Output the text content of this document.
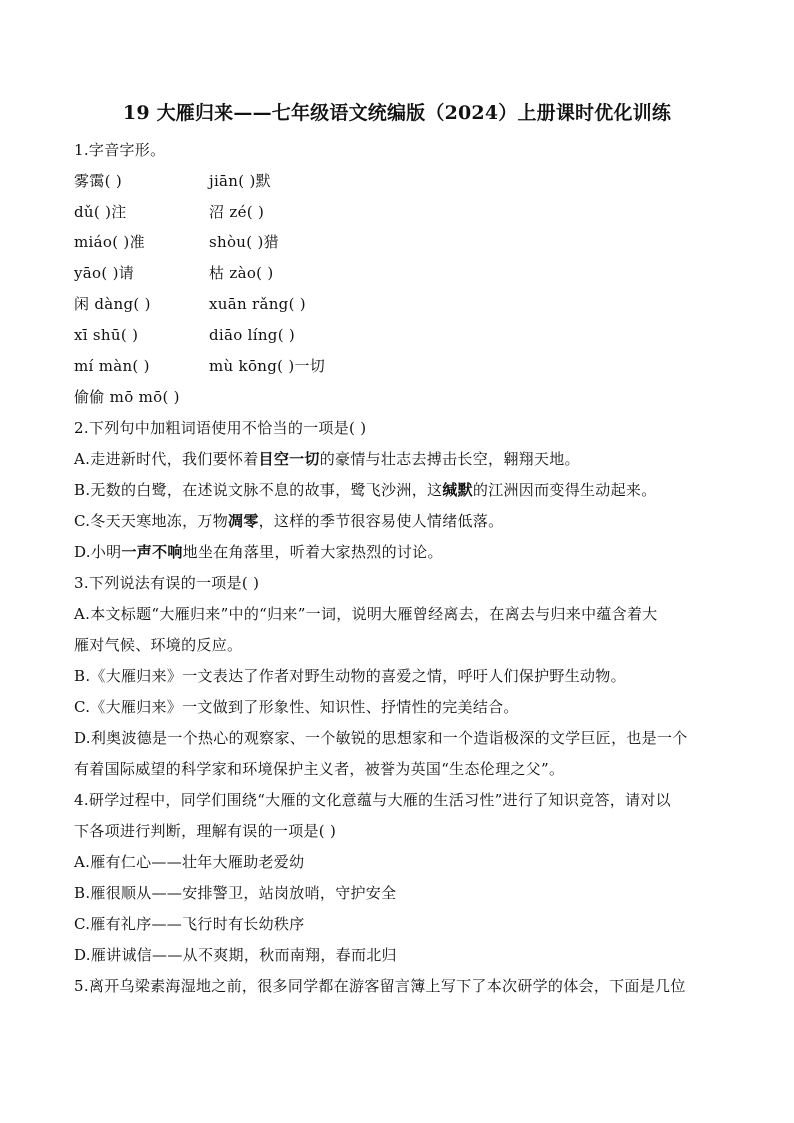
19 大雁归来——七年级语文统编版（2024）上册课时优化训练
1.字音字形。
雾霭( )	jiān( )默
dǔ( )注	沼 zé( )
miáo( )准	shòu( )猎
yāo( )请	枯 zào( )
闲 dàng( )	xuān rǎng( )
xī shū( )	diāo líng( )
mí màn( )	mù kōng( )一切
偷偷 mō mō( )
2.下列句中加粗词语使用不恰当的一项是( )
A.走进新时代，我们要怀着目空一切的豪情与壮志去搏击长空，翱翔天地。
B.无数的白鹭，在述说文脉不息的故事，鹭飞沙洲，这缄默的江洲因而变得生动起来。
C.冬天天寒地冻，万物凋零，这样的季节很容易使人情绪低落。
D.小明一声不响地坐在角落里，听着大家热烈的讨论。
3.下列说法有误的一项是( )
A.本文标题“大雁归来”中的“归来”一词，说明大雁曾经离去，在离去与归来中蕴含着大
雁对气候、环境的反应。
B.《大雁归来》一文表达了作者对野生动物的喜爱之情，呼吁人们保护野生动物。
C.《大雁归来》一文做到了形象性、知识性、抒情性的完美结合。
D.利奥波德是一个热心的观察家、一个敏锐的思想家和一个造诣极深的文学巨匠，也是一个
有着国际威望的科学家和环境保护主义者，被誉为英国“生态伦理之父”。
4.研学过程中，同学们围绕“大雁的文化意蕴与大雁的生活习性”进行了知识竞答，请对以
下各项进行判断，理解有误的一项是( )
A.雁有仁心——壮年大雁助老爱幼
B.雁很顺从——安排警卫，站岗放哨，守护安全
C.雁有礼序——飞行时有长幼秩序
D.雁讲诚信——从不爽期，秋而南翔，春而北归
5.离开乌梁素海湿地之前，很多同学都在游客留言簿上写下了本次研学的体会，下面是几位
